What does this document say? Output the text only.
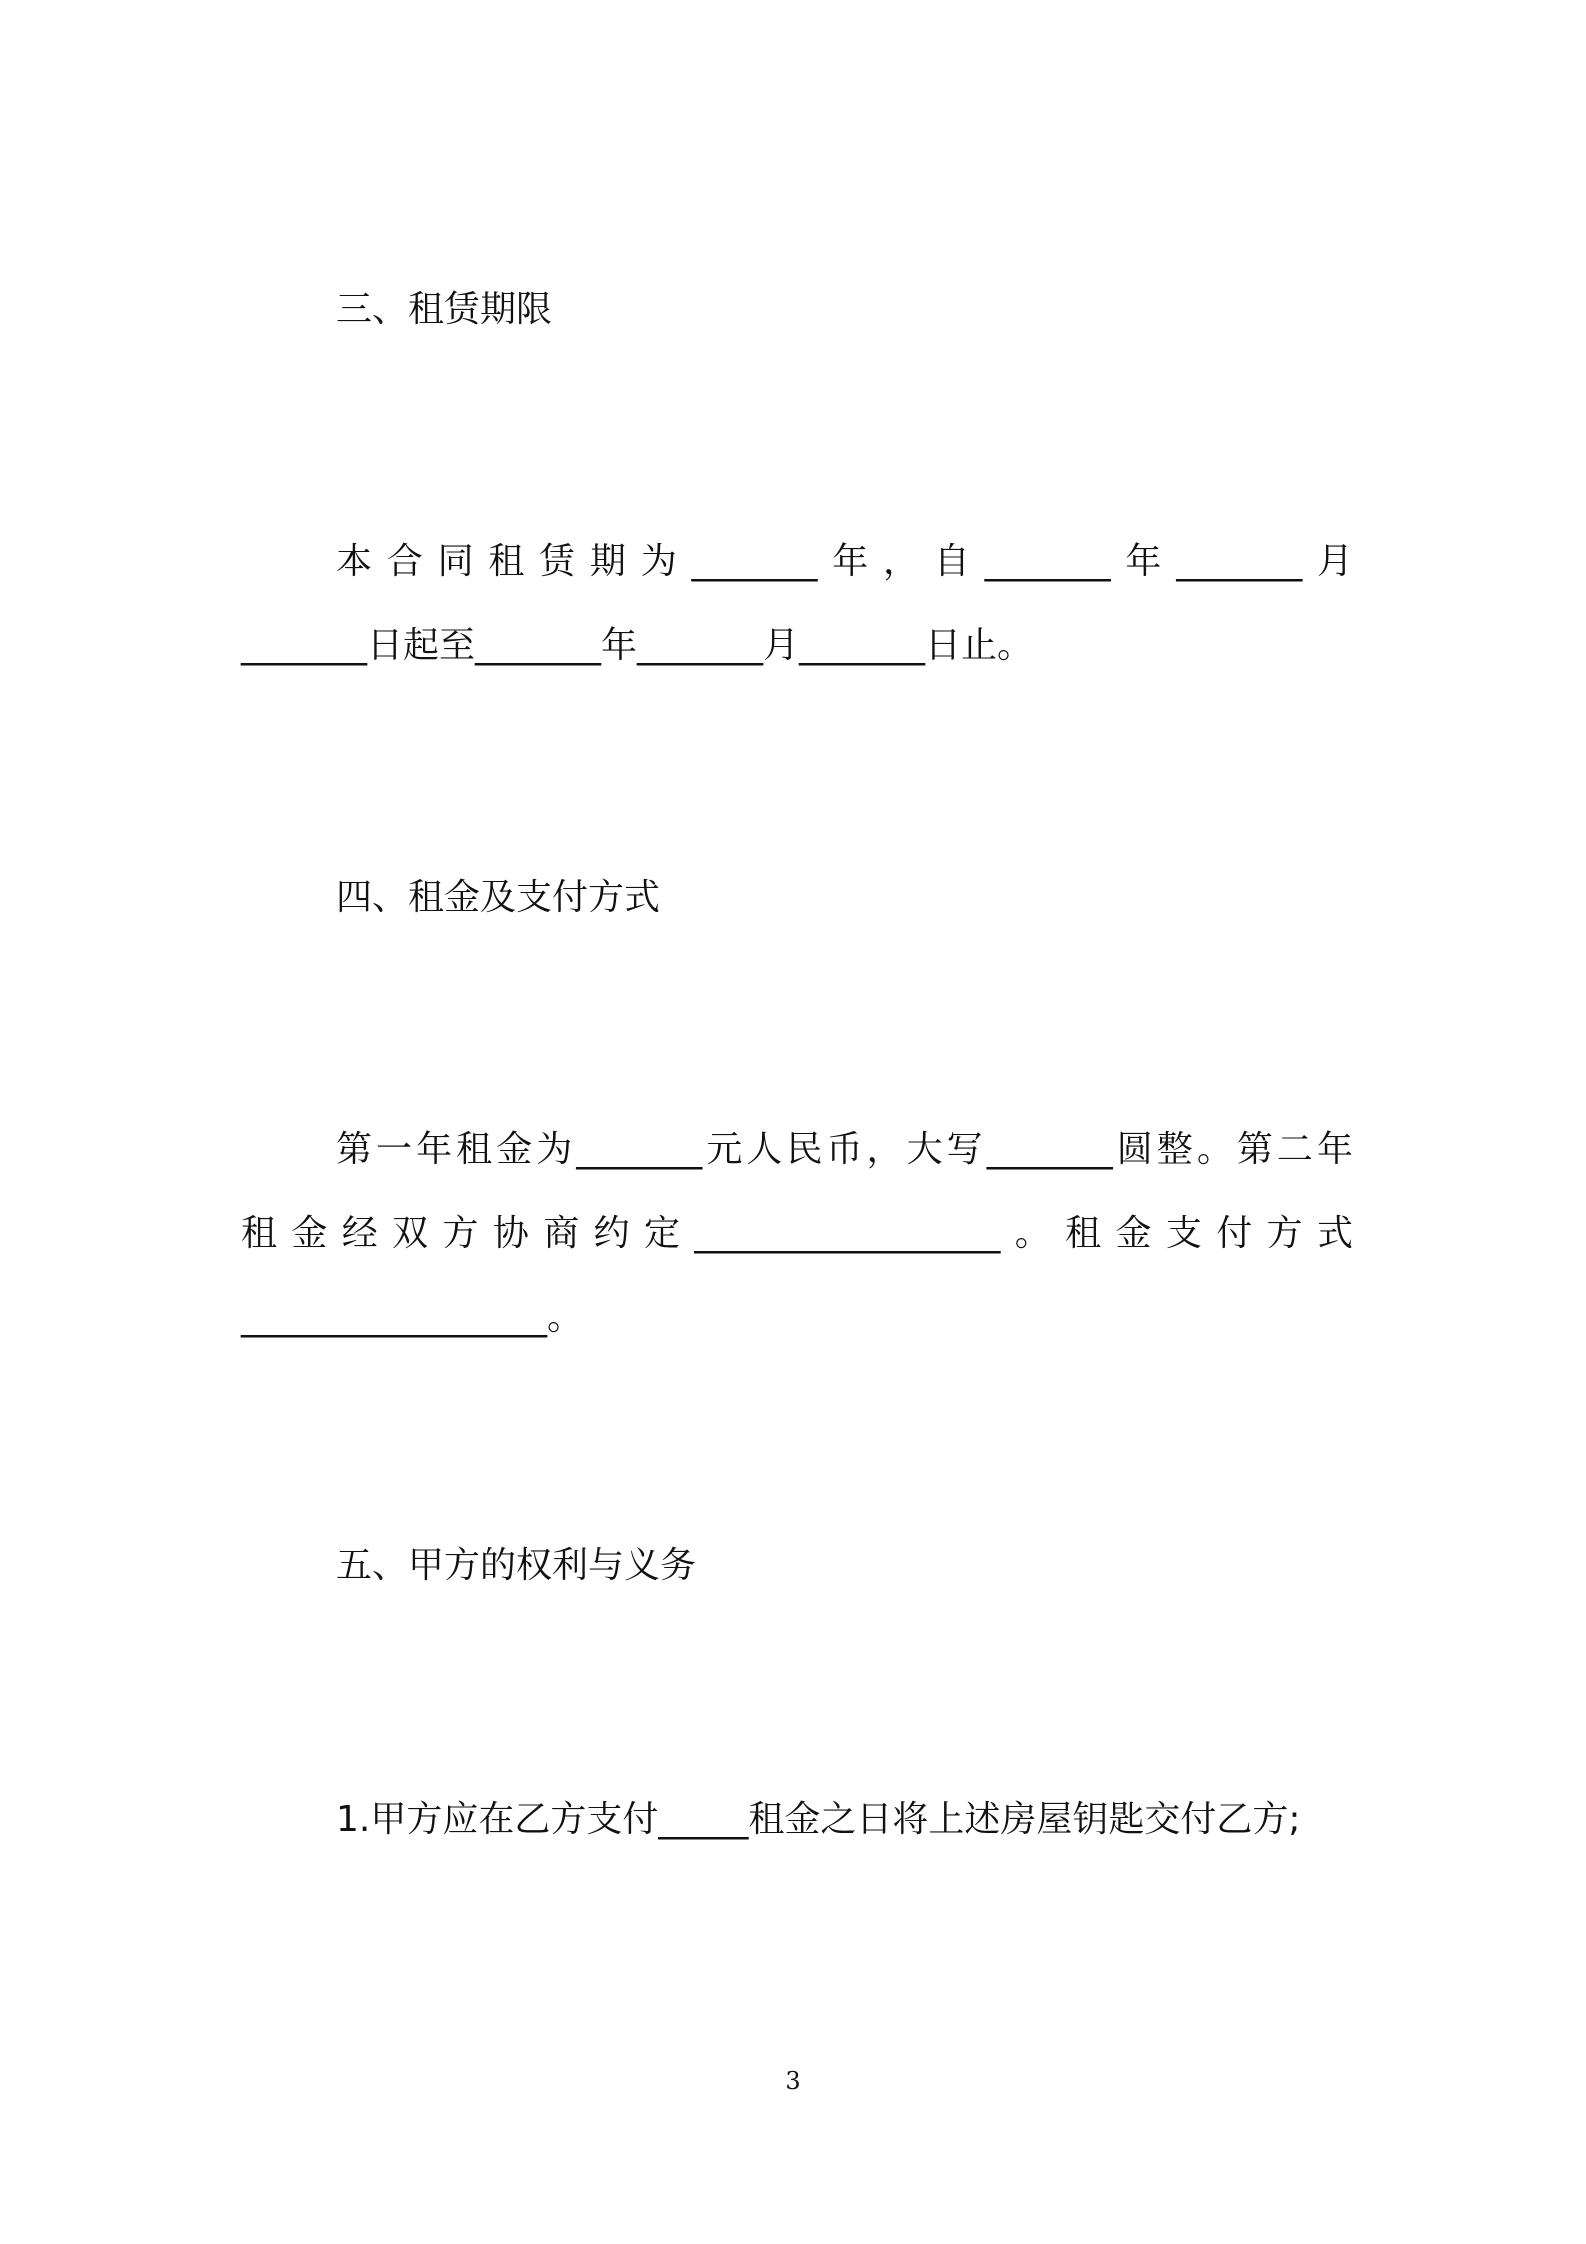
三、租赁期限
本合同租赁期为_______年，自_______年_______月
_______日起至_______年_______月_______日止。
四、租金及支付方式
第一年租金为_______元人民币，大写_______圆整。第二年
租金经双方协商约定_________________。租金支付方式
_________________。
五、甲方的权利与义务
1.甲方应在乙方支付_____租金之日将上述房屋钥匙交付乙方;
3
